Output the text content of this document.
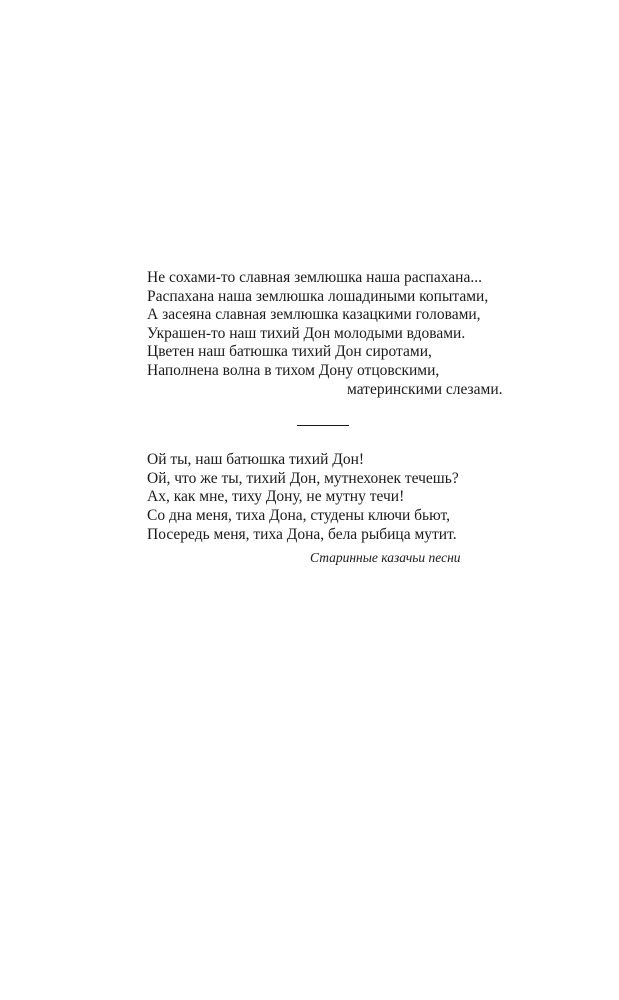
Не сохами-то славная землюшка наша распахана...
Распахана наша землюшка лошадиными копытами,
А засеяна славная землюшка казацкими головами,
Украшен-то наш тихий Дон молодыми вдовами.
Цветен наш батюшка тихий Дон сиротами,
Наполнена волна в тихом Дону отцовскими,
материнскими слезами.
Ой ты, наш батюшка тихий Дон!
Ой, что же ты, тихий Дон, мутнехонек течешь?
Ах, как мне, тиху Дону, не мутну течи!
Со дна меня, тиха Дона, студены ключи бьют,
Посередь меня, тиха Дона, бела рыбица мутит.
Старинные казачьи песни
